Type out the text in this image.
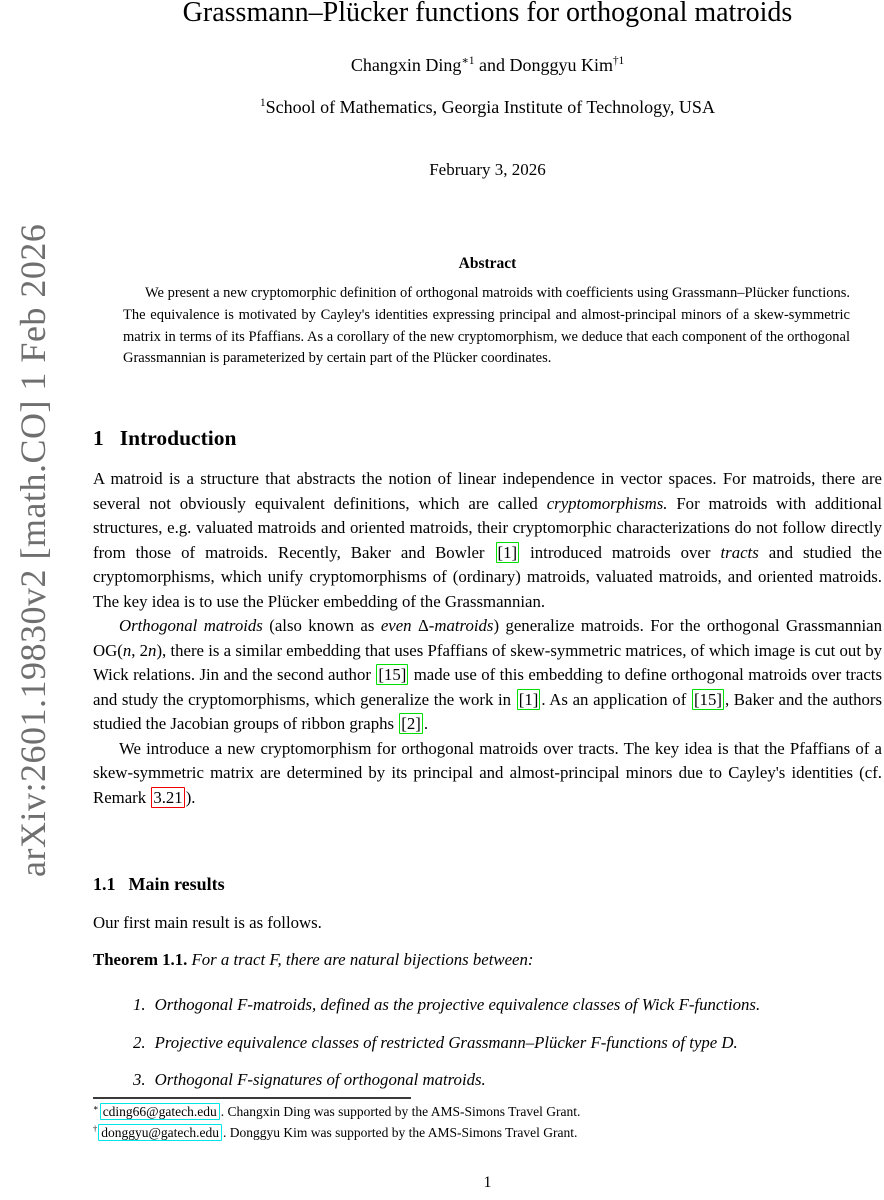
arXiv:2601.19830v2 [math.CO] 1 Feb 2026
Grassmann–Plücker functions for orthogonal matroids
Changxin Ding$^{∗1}$ and Donggyu Kim$^{\dagger 1}$
$^1$School of Mathematics, Georgia Institute of Technology, USA
February 3, 2026
Abstract
We present a new cryptomorphic definition of orthogonal matroids with coefficients using Grassmann–Plücker functions. The equivalence is motivated by Cayley's identities expressing principal and almost-principal minors of a skew-symmetric matrix in terms of its Pfaffians. As a corollary of the new cryptomorphism, we deduce that each component of the orthogonal Grassmannian is parameterized by certain part of the Plücker coordinates.
1 Introduction

A matroid is a structure that abstracts the notion of linear independence in vector spaces. For matroids, there are several not obviously equivalent definitions, which are called cryptomorphisms. For matroids with additional structures, e.g. valuated matroids and oriented matroids, their cryptomorphic characterizations do not follow directly from those of matroids. Recently, Baker and Bowler [1] introduced matroids over tracts and studied the cryptomorphisms, which unify cryptomorphisms of (ordinary) matroids, valuated matroids, and oriented matroids. The key idea is to use the Plücker embedding of the Grassmannian.

Orthogonal matroids (also known as even Δ-matroids) generalize matroids. For the orthogonal Grassmannian OG(n, 2n), there is a similar embedding that uses Pfaffians of skew-symmetric matrices, of which image is cut out by Wick relations. Jin and the second author [15] made use of this embedding to define orthogonal matroids over tracts and study the cryptomorphisms, which generalize the work in [1] . As an application of [15] , Baker and the authors studied the Jacobian groups of ribbon graphs [2] .

We introduce a new cryptomorphism for orthogonal matroids over tracts. The key idea is that the Pfaffians of a skew-symmetric matrix are determined by its principal and almost-principal minors due to Cayley's identities (cf. Remark 3.21 ).

1.1 Main results
Our first main result is as follows.
Theorem 1.1. For a tract F, there are natural bijections between:
1. Orthogonal F-matroids, defined as the projective equivalence classes of Wick F-functions.
2. Projective equivalence classes of restricted Grassmann–Plücker F-functions of type D.
3. Orthogonal F-signatures of orthogonal matroids.
∗ cding66@gatech.edu . Changxin Ding was supported by the AMS-Simons Travel Grant.
† donggyu@gatech.edu . Donggyu Kim was supported by the AMS-Simons Travel Grant.
1
